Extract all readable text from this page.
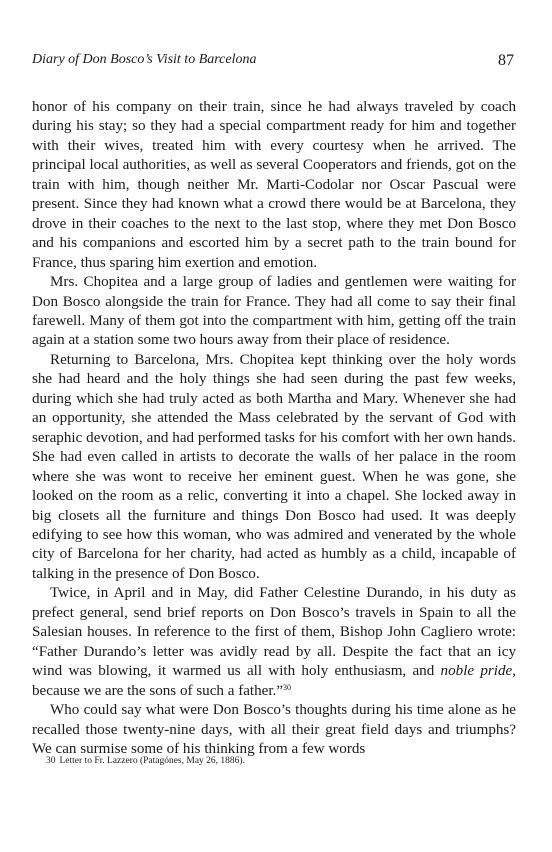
Diary of Don Bosco’s Visit to Barcelona	87

honor of his company on their train, since he had always traveled by coach during his stay; so they had a special compartment ready for him and together with their wives, treated him with every courtesy when he arrived. The principal local authorities, as well as several Cooperators and friends, got on the train with him, though neither Mr. Marti-Codolar nor Oscar Pascual were present. Since they had known what a crowd there would be at Barcelona, they drove in their coaches to the next to the last stop, where they met Don Bosco and his companions and escorted him by a secret path to the train bound for France, thus sparing him exertion and emotion.

Mrs. Chopitea and a large group of ladies and gentlemen were waiting for Don Bosco alongside the train for France. They had all come to say their final farewell. Many of them got into the compartment with him, getting off the train again at a station some two hours away from their place of residence.

Returning to Barcelona, Mrs. Chopitea kept thinking over the holy words she had heard and the holy things she had seen during the past few weeks, during which she had truly acted as both Martha and Mary. Whenever she had an opportunity, she attended the Mass celebrated by the servant of God with seraphic devotion, and had performed tasks for his comfort with her own hands. She had even called in artists to decorate the walls of her palace in the room where she was wont to receive her eminent guest. When he was gone, she looked on the room as a relic, converting it into a chapel. She locked away in big closets all the furniture and things Don Bosco had used. It was deeply edifying to see how this woman, who was admired and venerated by the whole city of Barcelona for her charity, had acted as humbly as a child, incapable of talking in the presence of Don Bosco.

Twice, in April and in May, did Father Celestine Durando, in his duty as prefect general, send brief reports on Don Bosco’s travels in Spain to all the Salesian houses. In reference to the first of them, Bishop John Cagliero wrote: “Father Durando’s letter was avidly read by all. Despite the fact that an icy wind was blowing, it warmed us all with holy enthusiasm, and noble pride, because we are the sons of such a father.”$^{30}$

Who could say what were Don Bosco’s thoughts during his time alone as he recalled those twenty-nine days, with all their great field days and triumphs? We can surmise some of his thinking from a few words

30 Letter to Fr. Lazzero (Patagónes, May 26, 1886).
